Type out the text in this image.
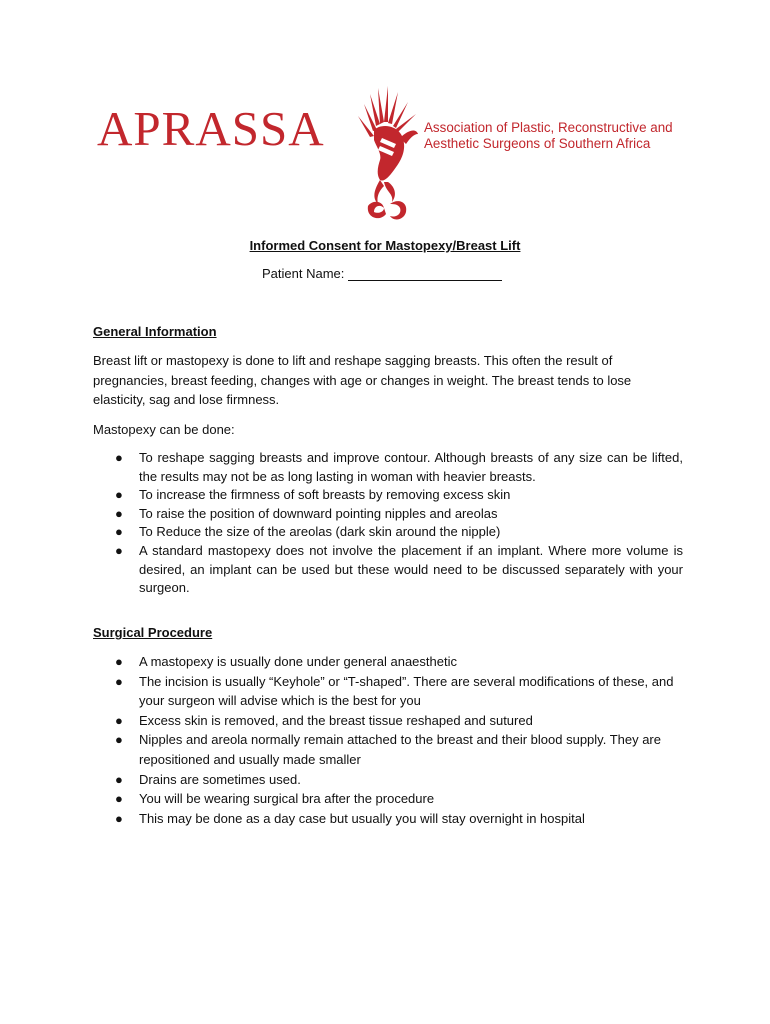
APRASSA	Association of Plastic, Reconstructive and
Aesthetic Surgeons of Southern Africa
Informed Consent for Mastopexy/Breast Lift
Patient Name:
General Information
Breast lift or mastopexy is done to lift and reshape sagging breasts. This often the result of
pregnancies, breast feeding, changes with age or changes in weight. The breast tends to lose
elasticity, sag and lose firmness.
Mastopexy can be done:
● To reshape sagging breasts and improve contour. Although breasts of any size can be lifted, the results may not be as long lasting in woman with heavier breasts.
● To increase the firmness of soft breasts by removing excess skin
● To raise the position of downward pointing nipples and areolas
● To Reduce the size of the areolas (dark skin around the nipple)
● A standard mastopexy does not involve the placement if an implant. Where more volume is desired, an implant can be used but these would need to be discussed separately with your surgeon.
Surgical Procedure
● A mastopexy is usually done under general anaesthetic
● The incision is usually “Keyhole” or “T-shaped”. There are several modifications of these, and your surgeon will advise which is the best for you
● Excess skin is removed, and the breast tissue reshaped and sutured
● Nipples and areola normally remain attached to the breast and their blood supply. They are repositioned and usually made smaller
● Drains are sometimes used.
● You will be wearing surgical bra after the procedure
● This may be done as a day case but usually you will stay overnight in hospital
